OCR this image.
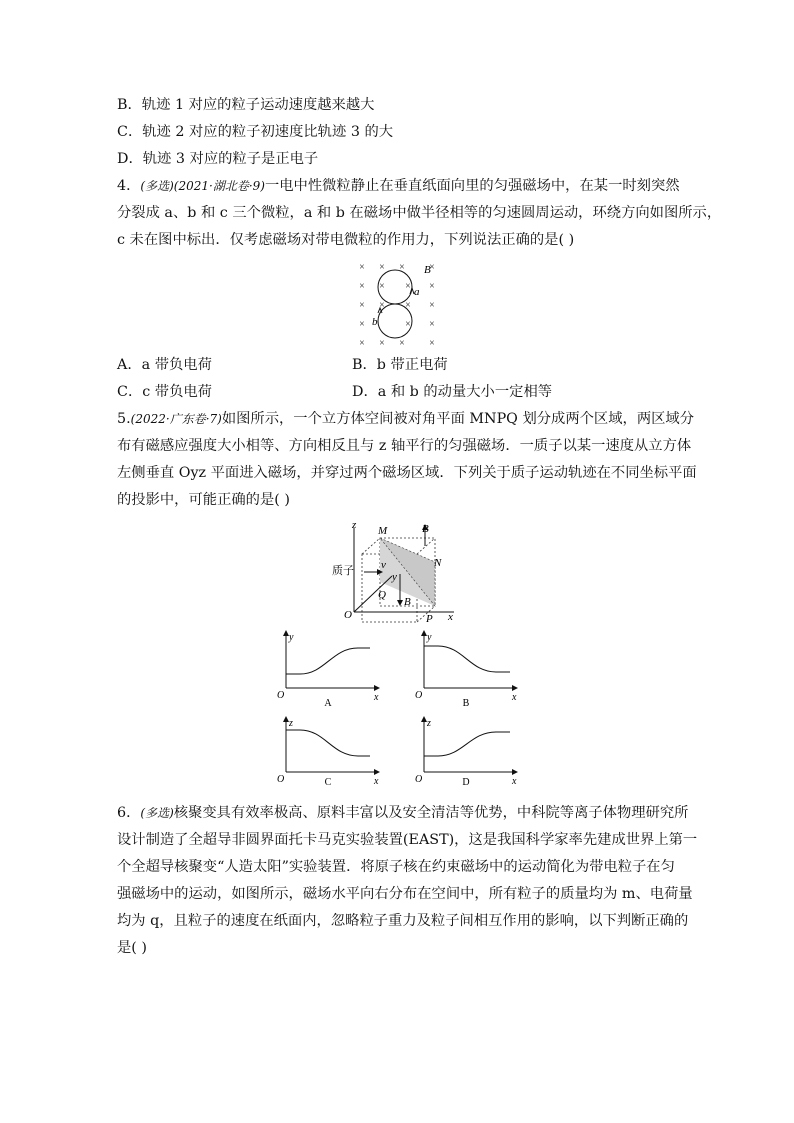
B．轨迹 1 对应的粒子运动速度越来越大
C．轨迹 2 对应的粒子初速度比轨迹 3 的大
D．轨迹 3 对应的粒子是正电子
4．(多选)(2021·湖北卷·9)一电中性微粒静止在垂直纸面向里的匀强磁场中，在某一时刻突然
分裂成 a、b 和 c 三个微粒，a 和 b 在磁场中做半径相等的匀速圆周运动，环绕方向如图所示，
c 未在图中标出．仅考虑磁场对带电微粒的作用力，下列说法正确的是( )
× × × ×
× × × ×
× × × ×
×	× ×
× × × ×
B
a
b
A．a 带负电荷	B．b 带正电荷
C．c 带负电荷	D．a 和 b 的动量大小一定相等
5.(2022·广东卷·7)如图所示，一个立方体空间被对角平面 MNPQ 划分成两个区域，两区域分
布有磁感应强度大小相等、方向相反且与 z 轴平行的匀强磁场．一质子以某一速度从立方体
左侧垂直 Oyz 平面进入磁场，并穿过两个磁场区域．下列关于质子运动轨迹在不同坐标平面
的投影中，可能正确的是( )
z M	B
质子 v
y
N
Q
B
O	P x
y
x
O
A
y
x
O
B
z
x
O	C
z
x
O	D
6．(多选)核聚变具有效率极高、原料丰富以及安全清洁等优势，中科院等离子体物理研究所
设计制造了全超导非圆界面托卡马克实验装置(EAST)，这是我国科学家率先建成世界上第一
个全超导核聚变“人造太阳”实验装置．将原子核在约束磁场中的运动简化为带电粒子在匀
强磁场中的运动，如图所示，磁场水平向右分布在空间中，所有粒子的质量均为 m、电荷量
均为 q，且粒子的速度在纸面内，忽略粒子重力及粒子间相互作用的影响，以下判断正确的
是( )
